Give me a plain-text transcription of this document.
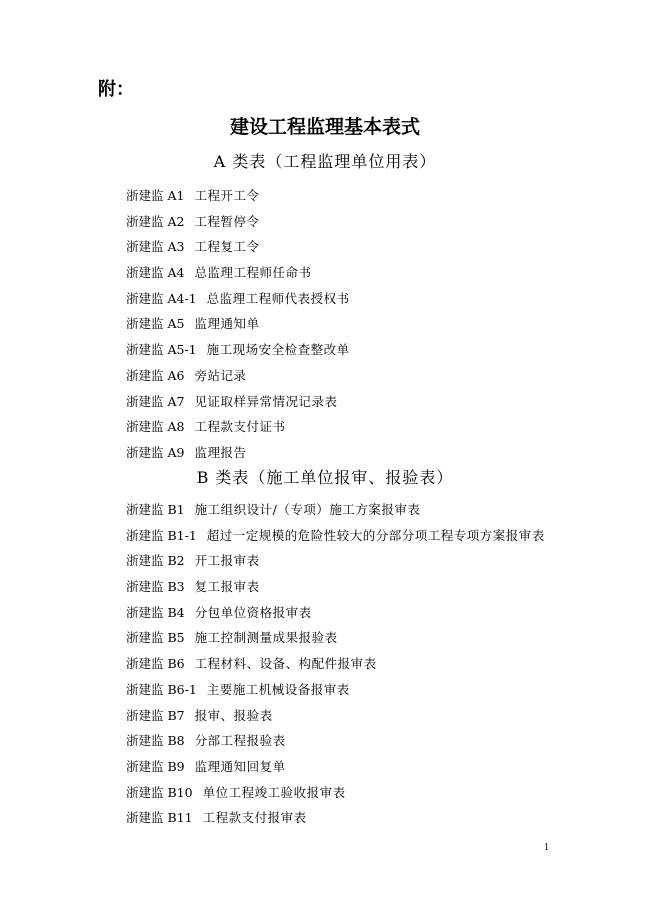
附：
建设工程监理基本表式
A 类表（工程监理单位用表）
浙建监 A1 工程开工令
浙建监 A2 工程暂停令
浙建监 A3 工程复工令
浙建监 A4 总监理工程师任命书
浙建监 A4-1 总监理工程师代表授权书
浙建监 A5 监理通知单
浙建监 A5-1 施工现场安全检查整改单
浙建监 A6 旁站记录
浙建监 A7 见证取样异常情况记录表
浙建监 A8 工程款支付证书
浙建监 A9 监理报告
B 类表（施工单位报审、报验表）
浙建监 B1 施工组织设计/（专项）施工方案报审表
浙建监 B1-1 超过一定规模的危险性较大的分部分项工程专项方案报审表
浙建监 B2 开工报审表
浙建监 B3 复工报审表
浙建监 B4 分包单位资格报审表
浙建监 B5 施工控制测量成果报验表
浙建监 B6 工程材料、设备、构配件报审表
浙建监 B6-1 主要施工机械设备报审表
浙建监 B7 报审、报验表
浙建监 B8 分部工程报验表
浙建监 B9 监理通知回复单
浙建监 B10 单位工程竣工验收报审表
浙建监 B11 工程款支付报审表
1
